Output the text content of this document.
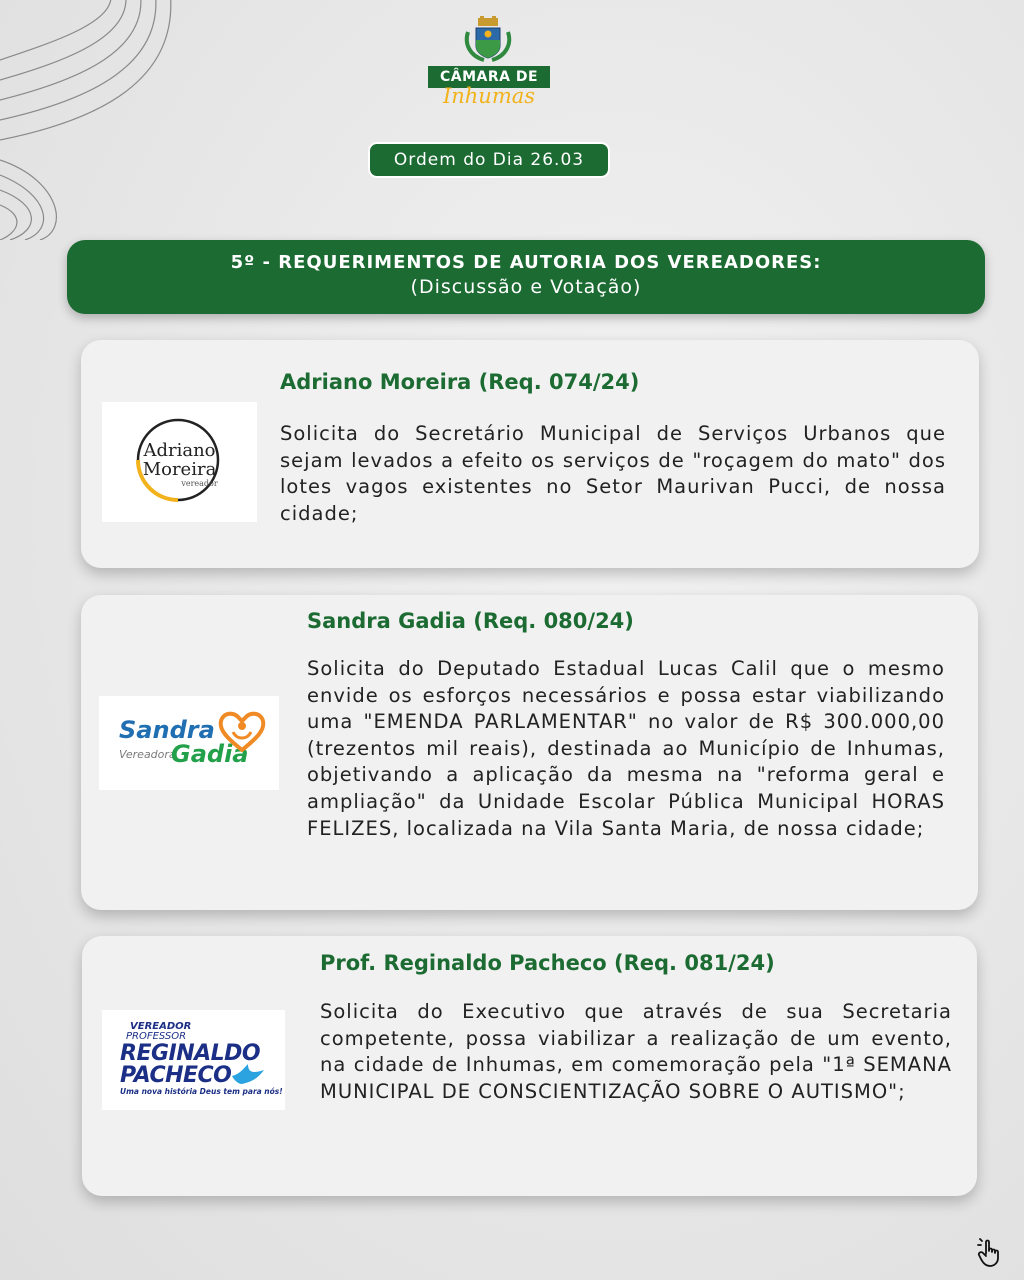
CÂMARA DE
Inhumas
Ordem do Dia 26.03
5º - REQUERIMENTOS DE AUTORIA DOS VEREADORES:
(Discussão e Votação)
Adriano
Moreira
vereador
Adriano Moreira (Req. 074/24)
Solicita do Secretário Municipal de Serviços Urbanos que sejam levados a efeito os serviços de "roçagem do mato" dos lotes vagos existentes no Setor Maurivan Pucci, de nossa cidade;
Sandra
Vereadora
Gadia
Sandra Gadia (Req. 080/24)
Solicita do Deputado Estadual Lucas Calil que o mesmo envide os esforços necessários e possa estar viabilizando uma "EMENDA PARLAMENTAR" no valor de R$ 300.000,00 (trezentos mil reais), destinada ao Município de Inhumas, objetivando a aplicação da mesma na "reforma geral e ampliação" da Unidade Escolar Pública Municipal HORAS FELIZES, localizada na Vila Santa Maria, de nossa cidade;
VEREADOR
PROFESSOR
REGINALDO
PACHECO
Uma nova história Deus tem para nós!
Prof. Reginaldo Pacheco (Req. 081/24)
Solicita do Executivo que através de sua Secretaria competente, possa viabilizar a realização de um evento, na cidade de Inhumas, em comemoração pela "1ª SEMANA MUNICIPAL DE CONSCIENTIZAÇÃO SOBRE O AUTISMO";
